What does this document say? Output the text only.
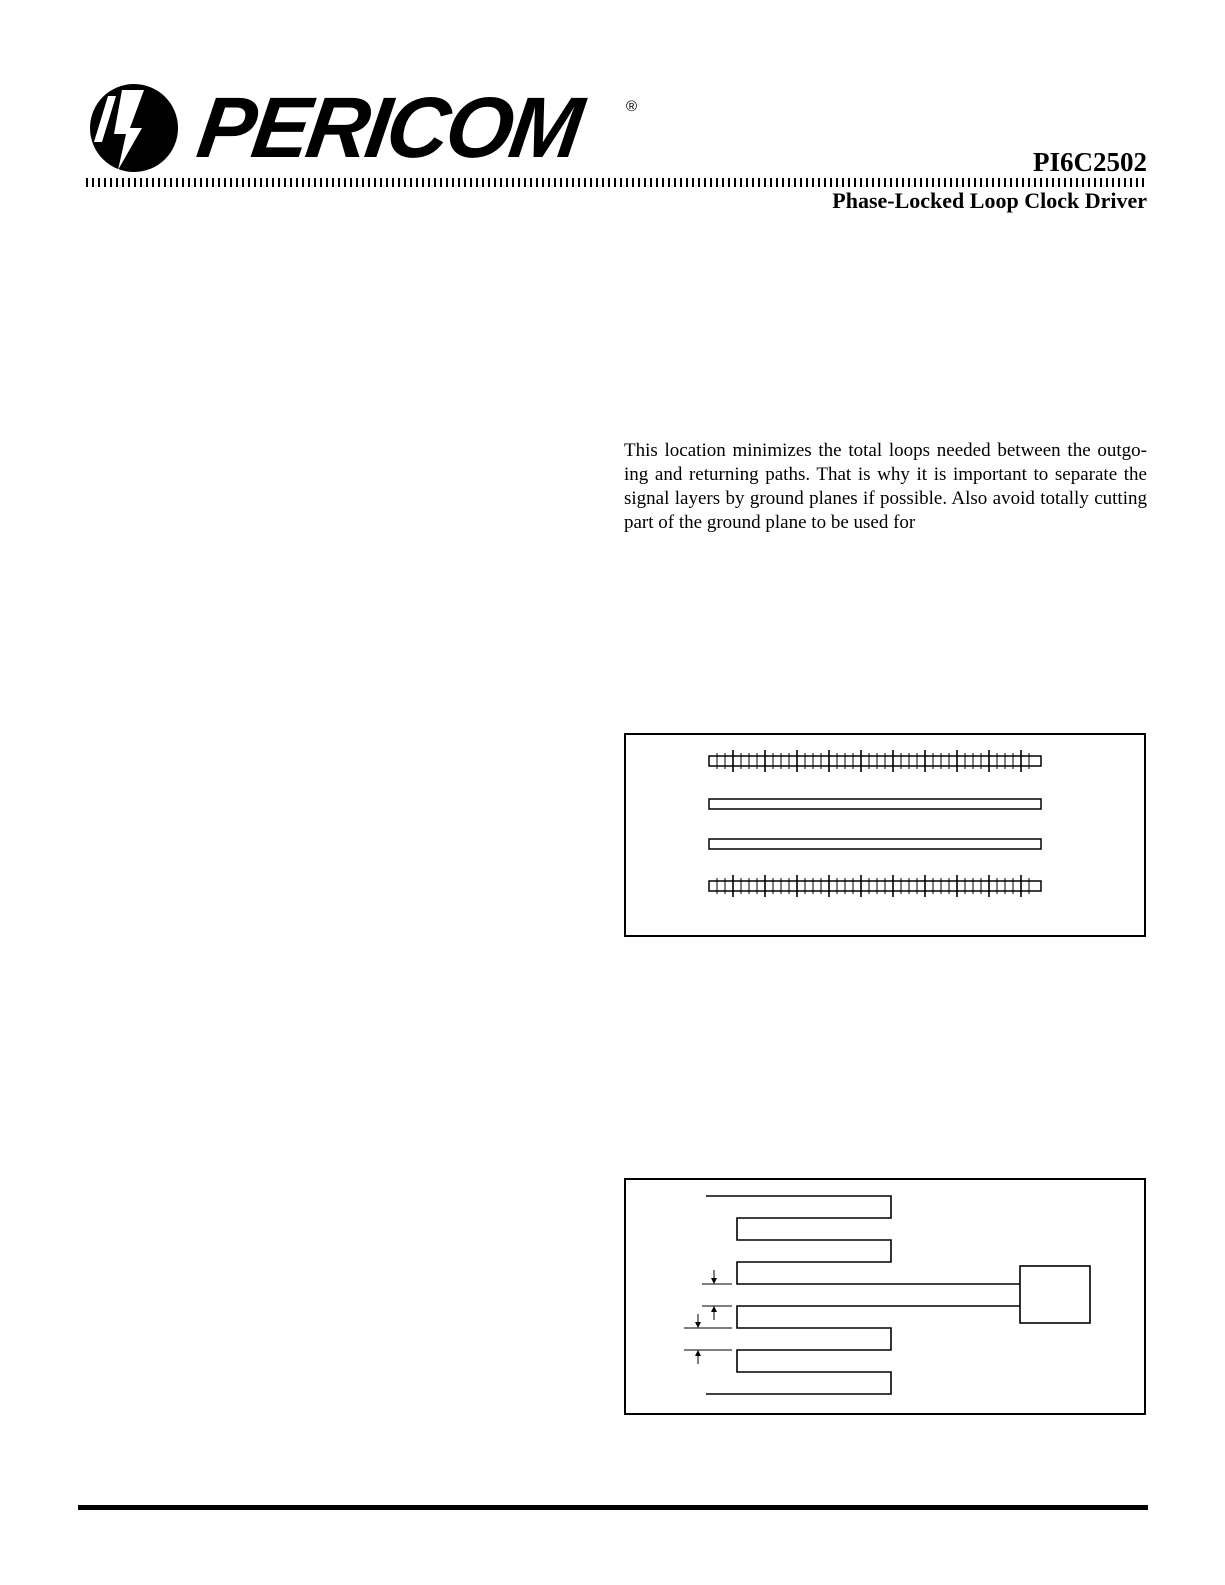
PERICOM	®
PI6C2502
Phase-Locked Loop Clock Driver

This location minimizes the total loops needed between the outgo-ing and returning paths. That is why it is important to separate the signal layers by ground planes if possible. Also avoid totally cutting part of the ground plane to be used for
